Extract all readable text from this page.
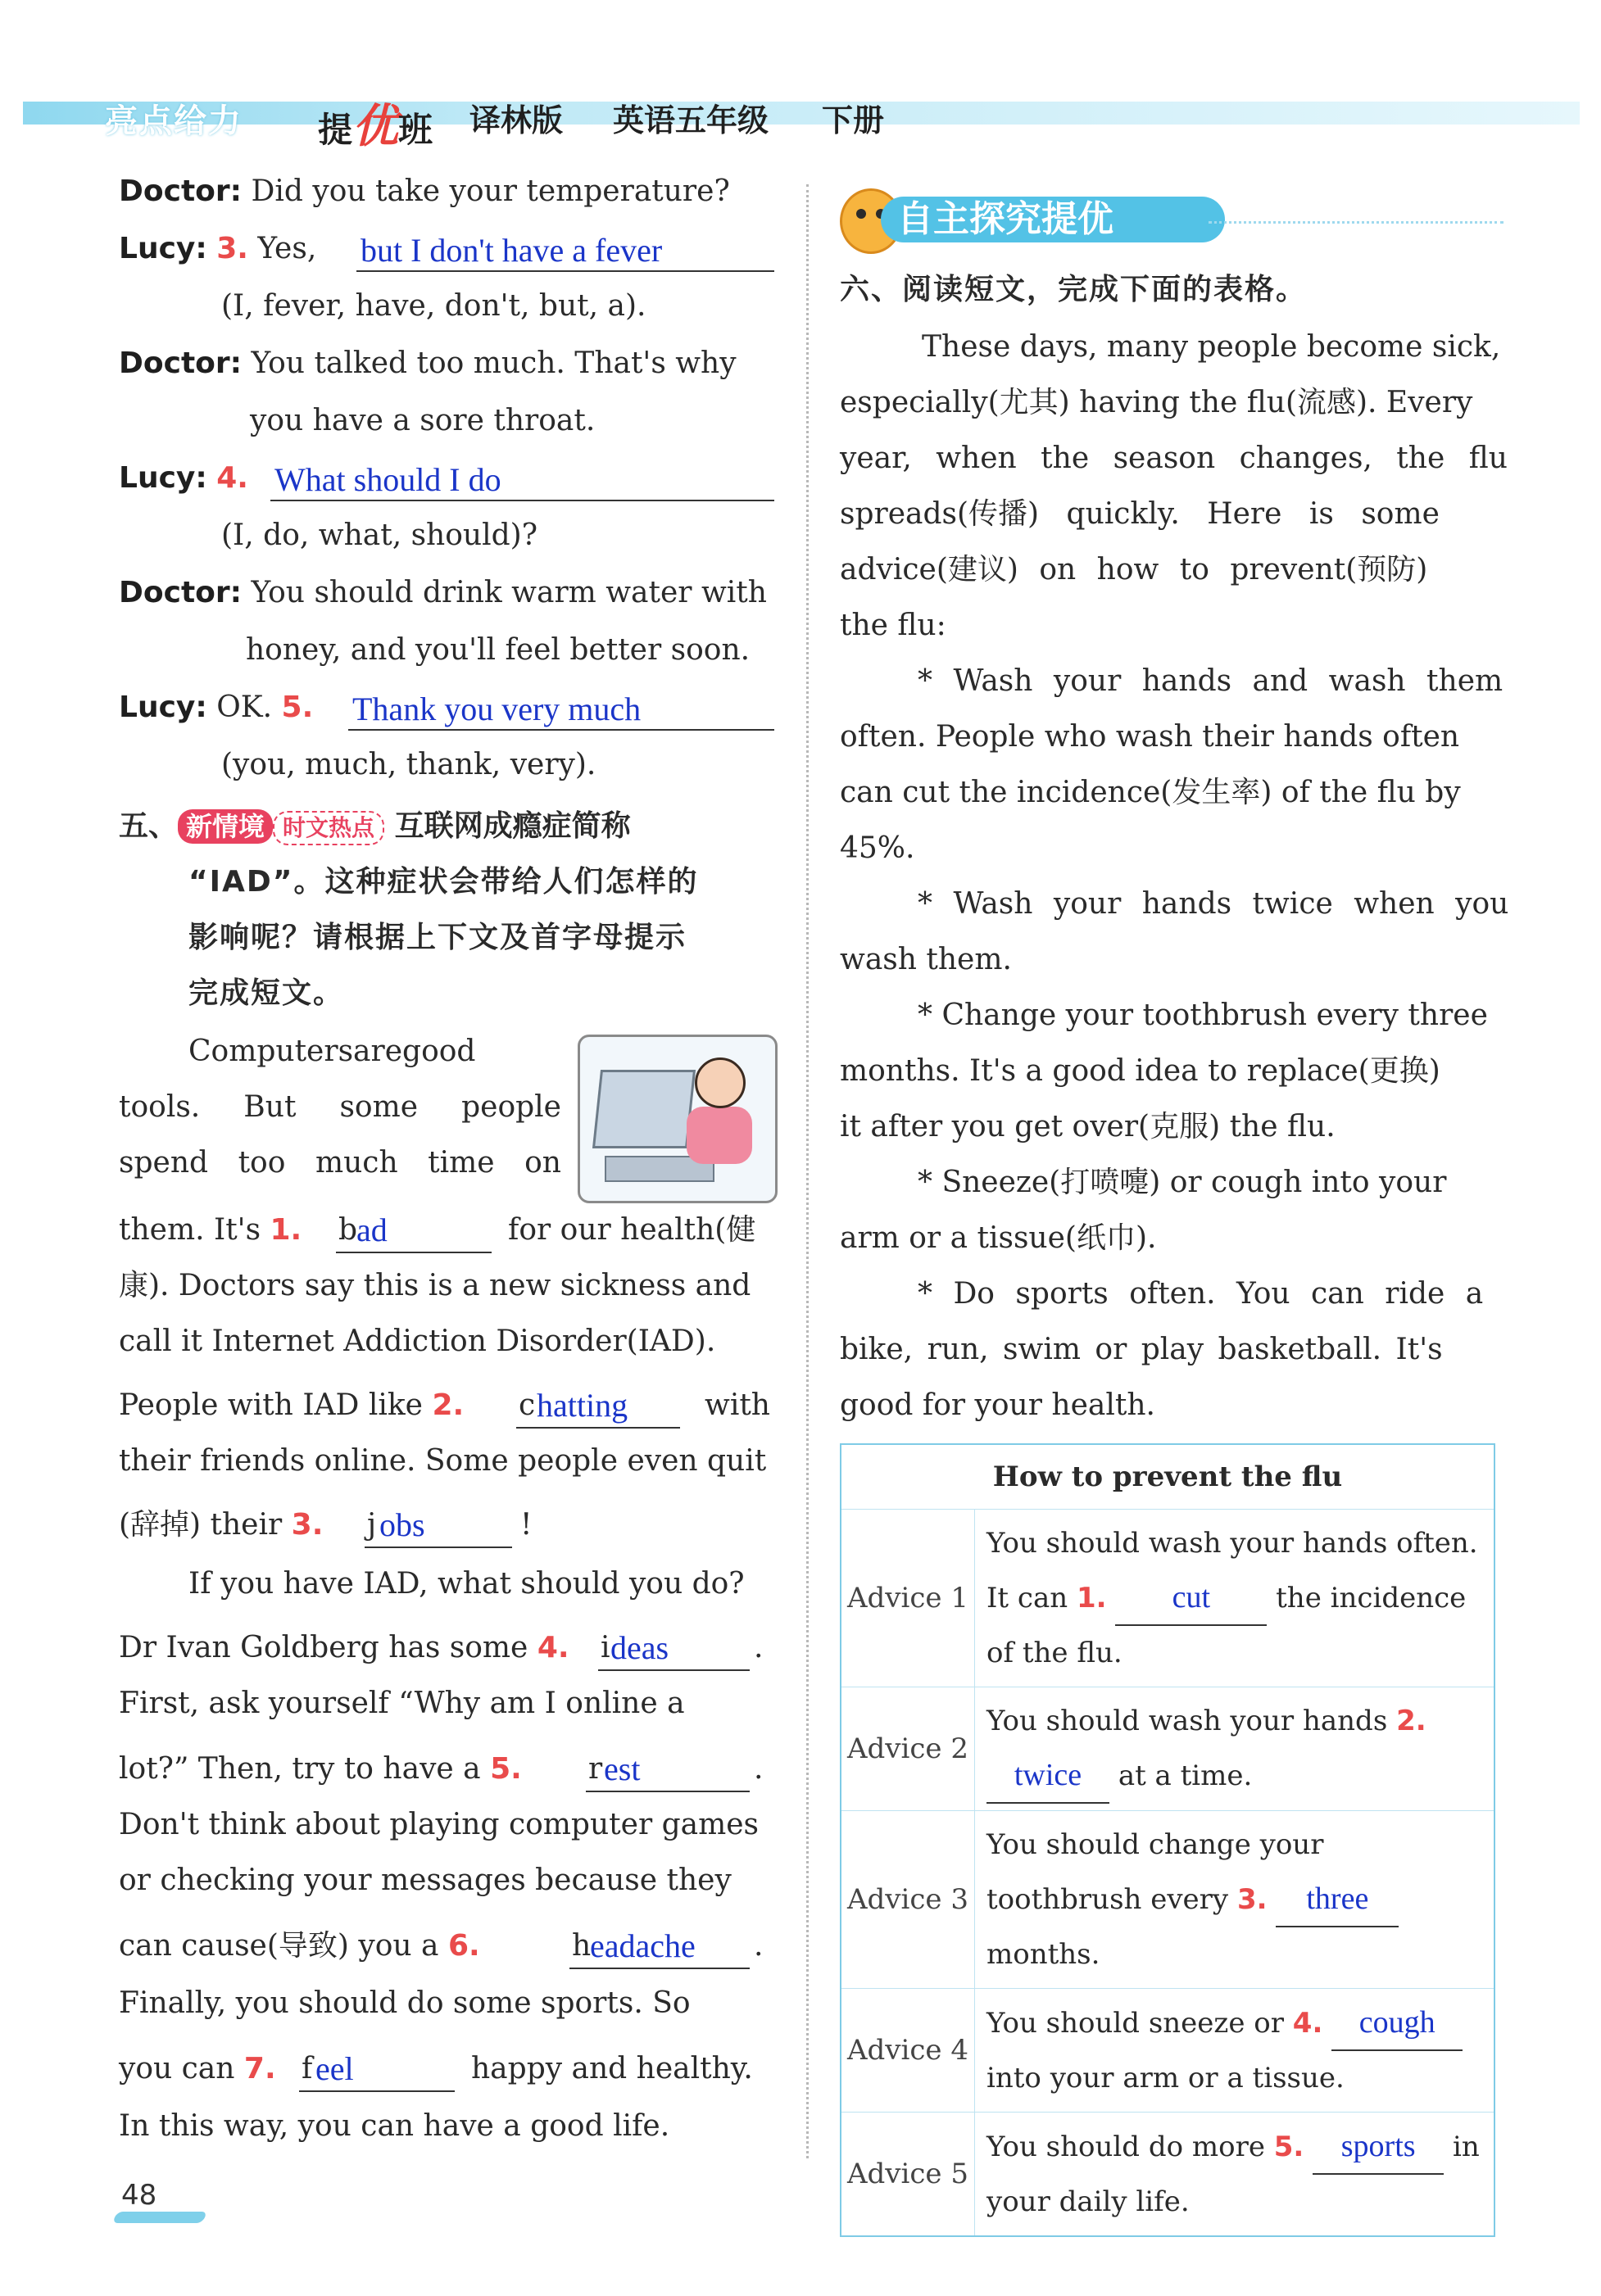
亮点给力 提优班 译林版 英语五年级 下册
Doctor: Did you take your temperature?
Lucy: 3. Yes, but I don't have a fever
(I, fever, have, don't, but, a).
Doctor: You talked too much. That's why
you have a sore throat.
Lucy: 4. What should I do
(I, do, what, should)?
Doctor: You should drink warm water with
honey, and you'll feel better soon.
Lucy: OK. 5. Thank you very much
(you, much, thank, very).
五、 新情境 时文热点 互联网成瘾症简称
“IAD”。这种症状会带给人们怎样的
影响呢？请根据上下文及首字母提示
完成短文。
Computers are good
tools. But some people
spend too much time on
them. It's 1. b
ad	for our health(健
康). Doctors say this is a new sickness and
call it Internet Addiction Disorder(IAD).
People with IAD like 2. c hatting	with
their friends online. Some people even quit
(辞掉) their 3. j obs	!
If you have IAD, what should you do?
Dr Ivan Goldberg has some 4. i deas	.
First, ask yourself “Why am I online a
lot?” Then, try to have a 5. r est	.
Don't think about playing computer games
or checking your messages because they
can cause(导致) you a 6.	h
eadache .
Finally, you should do some sports. So
you can 7. f eel	happy and healthy.
In this way, you can have a good life.
自主探究提优
六、阅读短文，完成下面的表格。
These days, many people become sick,
especially(尤其) having the flu(流感). Every
year, when the season changes, the flu
spreads(传播) quickly. Here is some
advice(建议) on how to prevent(预防)
the flu:
* Wash your hands and wash them
often. People who wash their hands often
can cut the incidence(发生率) of the flu by
45%.
* Wash your hands twice when you
wash them.
* Change your toothbrush every three
months. It's a good idea to replace(更换)
it after you get over(克服) the flu.
* Sneeze(打喷嚏) or cough into your
arm or a tissue(纸巾).
* Do sports often. You can ride a
bike, run, swim or play basketball. It's
good for your health.
How to prevent the flu	
Advice 1	You should wash your hands often. It can 1. cut the incidence of the flu.
Advice 2	You should wash your hands 2. twice at a time.
Advice 3	You should change your toothbrush every 3. three months.
Advice 4	You should sneeze or 4. cough into your arm or a tissue.
Advice 5	You should do more 5. sports in your daily life.
48
